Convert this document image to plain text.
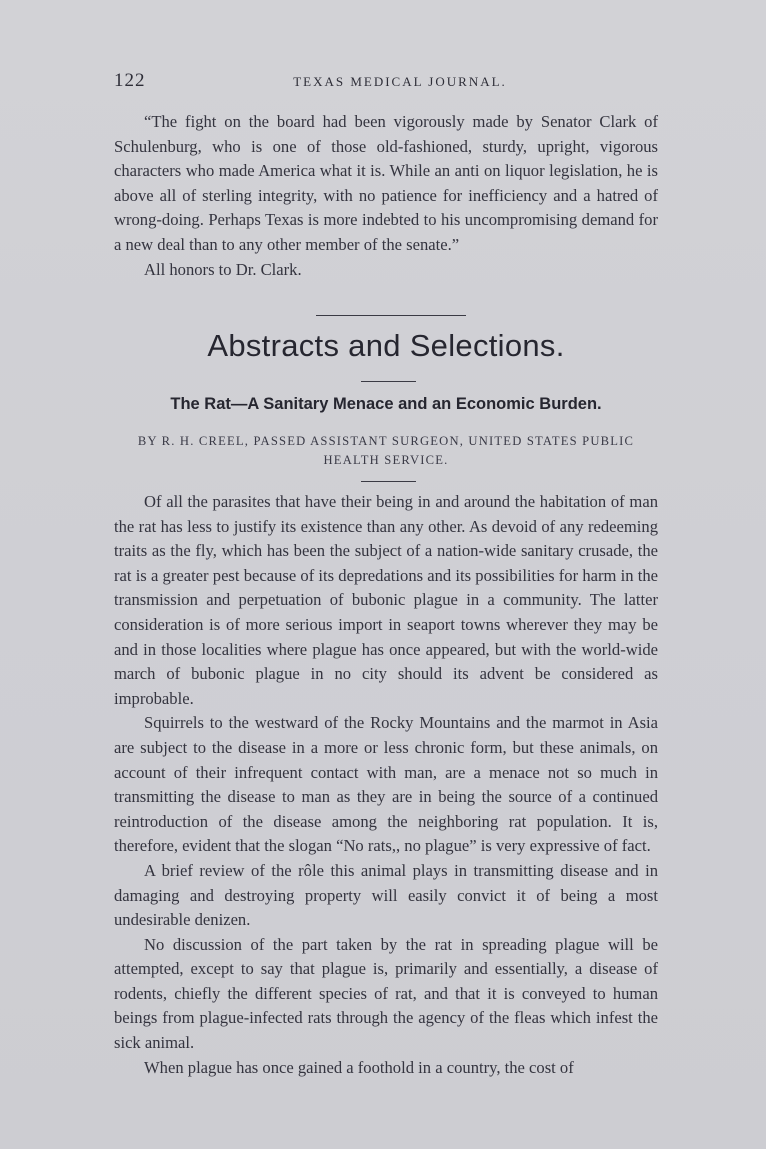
122	TEXAS MEDICAL JOURNAL.

“The fight on the board had been vigorously made by Senator Clark of Schulenburg, who is one of those old-fashioned, sturdy, upright, vigorous characters who made America what it is. While an anti on liquor legislation, he is above all of sterling integrity, with no patience for inefficiency and a hatred of wrong-doing. Perhaps Texas is more indebted to his uncompromising demand for a new deal than to any other member of the senate.”

All honors to Dr. Clark.

Abstracts and Selections.
The Rat—A Sanitary Menace and an Economic Burden.
BY R. H. CREEL, PASSED ASSISTANT SURGEON, UNITED STATES PUBLIC
HEALTH SERVICE.

Of all the parasites that have their being in and around the habitation of man the rat has less to justify its existence than any other. As devoid of any redeeming traits as the fly, which has been the subject of a nation-wide sanitary crusade, the rat is a greater pest because of its depredations and its possibilities for harm in the transmission and perpetuation of bubonic plague in a community. The latter consideration is of more serious import in seaport towns wherever they may be and in those localities where plague has once appeared, but with the world-wide march of bubonic plague in no city should its advent be considered as improbable.

Squirrels to the westward of the Rocky Mountains and the marmot in Asia are subject to the disease in a more or less chronic form, but these animals, on account of their infrequent contact with man, are a menace not so much in transmitting the disease to man as they are in being the source of a continued reintroduction of the disease among the neighboring rat population. It is, therefore, evident that the slogan “No rats,, no plague” is very expressive of fact.

A brief review of the rôle this animal plays in transmitting disease and in damaging and destroying property will easily convict it of being a most undesirable denizen.

No discussion of the part taken by the rat in spreading plague will be attempted, except to say that plague is, primarily and essentially, a disease of rodents, chiefly the different species of rat, and that it is conveyed to human beings from plague-infected rats through the agency of the fleas which infest the sick animal.

When plague has once gained a foothold in a country, the cost of
